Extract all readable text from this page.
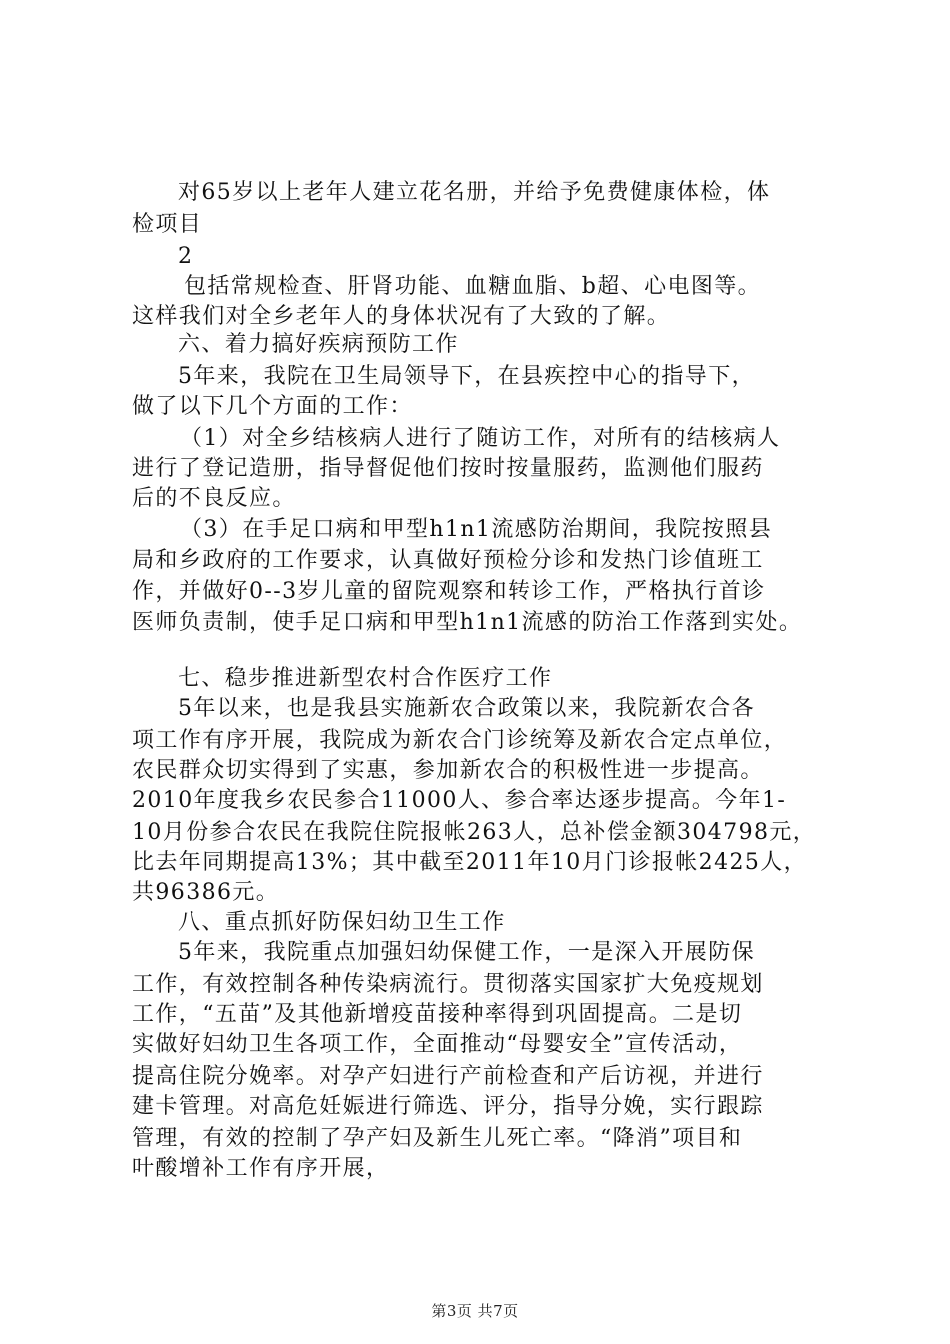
对65岁以上老年人建立花名册，并给予免费健康体检，体
检项目
2
包括常规检查、肝肾功能、血糖血脂、b超、心电图等。
这样我们对全乡老年人的身体状况有了大致的了解。
六、着力搞好疾病预防工作
5年来，我院在卫生局领导下，在县疾控中心的指导下，
做了以下几个方面的工作：
（1）对全乡结核病人进行了随访工作，对所有的结核病人
进行了登记造册，指导督促他们按时按量服药，监测他们服药
后的不良反应。
（3）在手足口病和甲型h1n1流感防治期间，我院按照县
局和乡政府的工作要求，认真做好预检分诊和发热门诊值班工
作，并做好0--3岁儿童的留院观察和转诊工作，严格执行首诊
医师负责制，使手足口病和甲型h1n1流感的防治工作落到实处。
七、稳步推进新型农村合作医疗工作
5年以来，也是我县实施新农合政策以来，我院新农合各
项工作有序开展，我院成为新农合门诊统筹及新农合定点单位，
农民群众切实得到了实惠，参加新农合的积极性进一步提高。
2010年度我乡农民参合11000人、参合率达逐步提高。今年1-
10月份参合农民在我院住院报帐263人，总补偿金额304798元，
比去年同期提高13%；其中截至2011年10月门诊报帐2425人，
共96386元。
八、重点抓好防保妇幼卫生工作
5年来，我院重点加强妇幼保健工作，一是深入开展防保
工作，有效控制各种传染病流行。贯彻落实国家扩大免疫规划
工作，“五苗”及其他新增疫苗接种率得到巩固提高。二是切
实做好妇幼卫生各项工作，全面推动“母婴安全”宣传活动，
提高住院分娩率。对孕产妇进行产前检查和产后访视，并进行
建卡管理。对高危妊娠进行筛选、评分，指导分娩，实行跟踪
管理，有效的控制了孕产妇及新生儿死亡率。“降消”项目和
叶酸增补工作有序开展，
第3页 共7页
